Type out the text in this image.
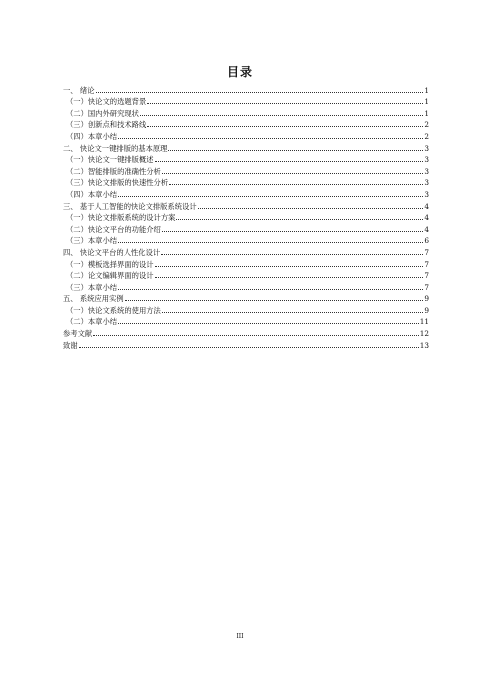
目录
一、 绪论	1
（一）快论文的选题背景	1
（二）国内外研究现状	1
（三）创新点和技术路线	2
（四）本章小结	2
二、 快论文一键排版的基本原理	3
（一）快论文一键排版概述	3
（二）智能排版的准确性分析	3
（三）快论文排版的快速性分析	3
（四）本章小结	3
三、 基于人工智能的快论文排版系统设计	4
（一）快论文排版系统的设计方案	4
（二）快论文平台的功能介绍	4
（三）本章小结	6
四、 快论文平台的人性化设计	7
（一）模板选择界面的设计	7
（二）论文编辑界面的设计	7
（三）本章小结	7
五、 系统应用实例	9
（一）快论文系统的使用方法	9
（二）本章小结	11
参考文献	12
致谢	13
III
